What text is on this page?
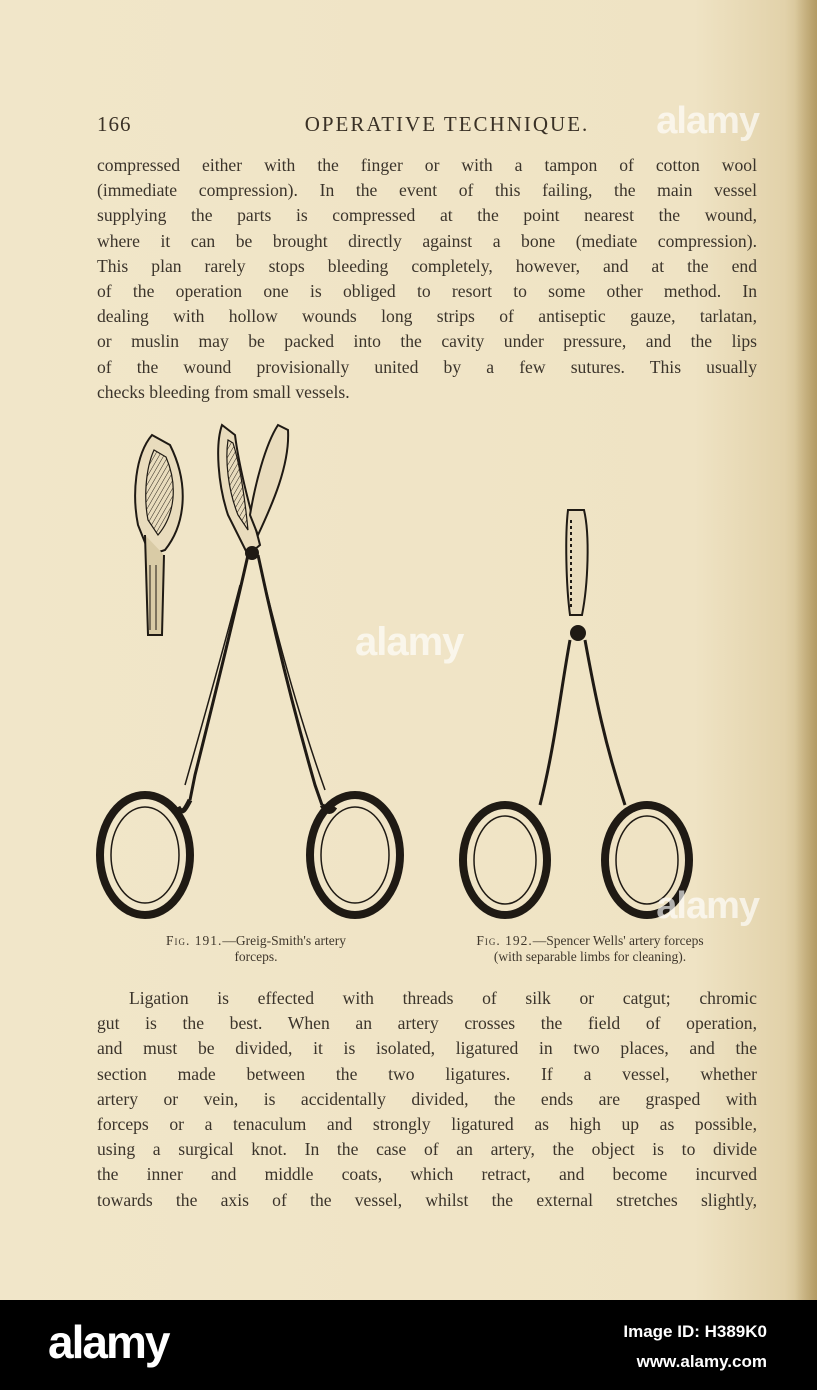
166	OPERATIVE TECHNIQUE.
compressed either with the finger or with a tampon of cotton wool
(immediate compression). In the event of this failing, the main vessel
supplying the parts is compressed at the point nearest the wound,
where it can be brought directly against a bone (mediate compression).
This plan rarely stops bleeding completely, however, and at the end
of the operation one is obliged to resort to some other method. In
dealing with hollow wounds long strips of antiseptic gauze, tarlatan,
or muslin may be packed into the cavity under pressure, and the lips
of the wound provisionally united by a few sutures. This usually
checks bleeding from small vessels.
Fig. 191.—Greig-Smith's artery
forceps.
Fig. 192.—Spencer Wells' artery forceps
(with separable limbs for cleaning).
Ligation is effected with threads of silk or catgut; chromic
gut is the best. When an artery crosses the field of operation,
and must be divided, it is isolated, ligatured in two places, and the
section made between the two ligatures. If a vessel, whether
artery or vein, is accidentally divided, the ends are grasped with
forceps or a tenaculum and strongly ligatured as high up as possible,
using a surgical knot. In the case of an artery, the object is to divide
the inner and middle coats, which retract, and become incurved
towards the axis of the vessel, whilst the external stretches slightly,
alamy
alamy
alamy
alamy	Image ID: H389K0
www.alamy.com
